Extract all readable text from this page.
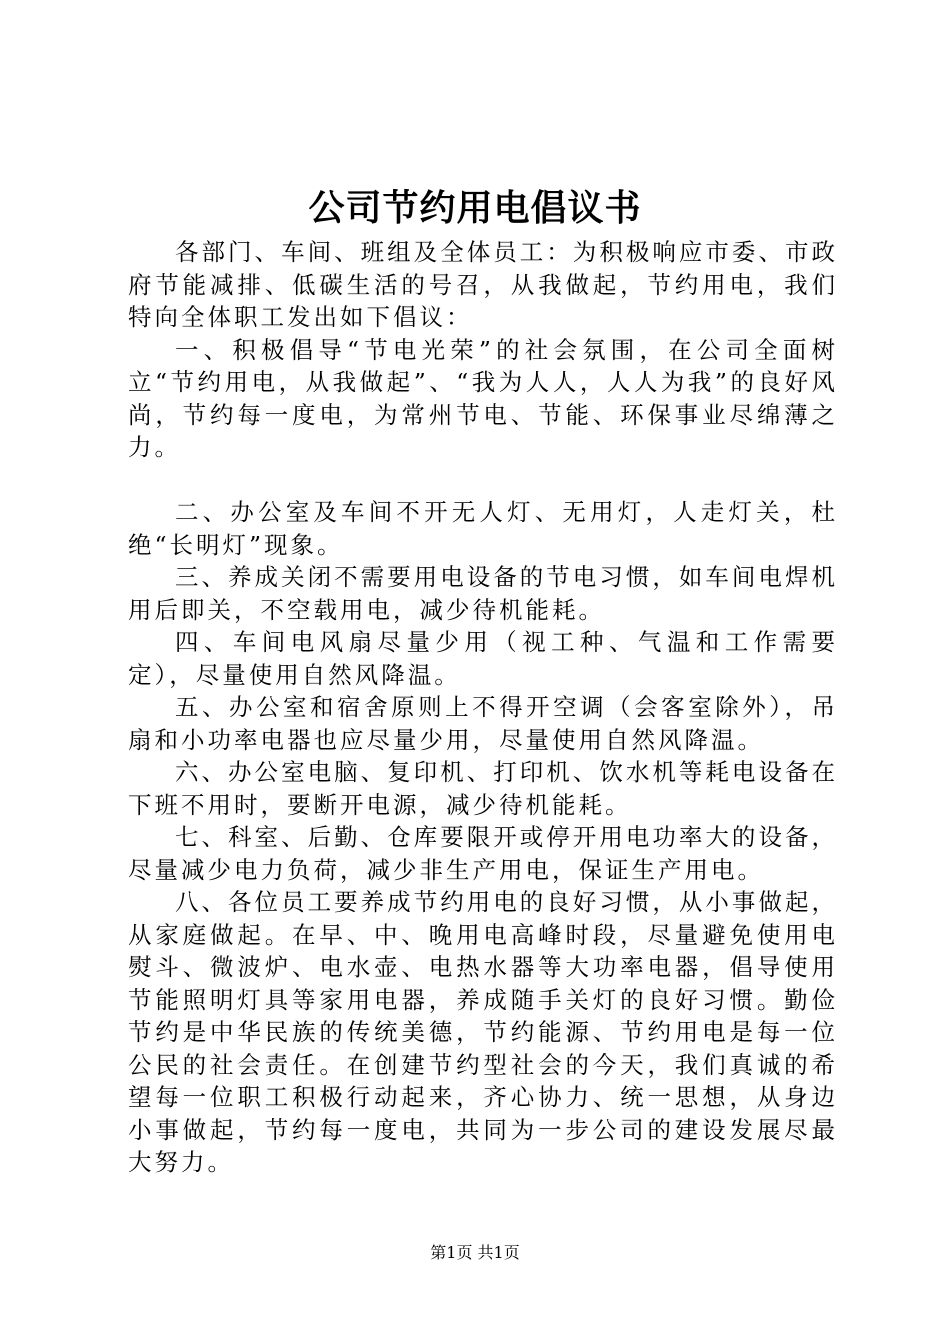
公司节约用电倡议书

各部门、车间、班组及全体员工：为积极响应市委、市政府节能减排、低碳生活的号召，从我做起，节约用电，我们特向全体职工发出如下倡议：

一、积极倡导“节电光荣”的社会氛围，在公司全面树立“节约用电，从我做起”、“我为人人，人人为我”的良好风尚，节约每一度电，为常州节电、节能、环保事业尽绵薄之力。

二、办公室及车间不开无人灯、无用灯，人走灯关，杜绝“长明灯”现象。

三、养成关闭不需要用电设备的节电习惯，如车间电焊机用后即关，不空载用电，减少待机能耗。

四、车间电风扇尽量少用（视工种、气温和工作需要定），尽量使用自然风降温。

五、办公室和宿舍原则上不得开空调（会客室除外），吊扇和小功率电器也应尽量少用，尽量使用自然风降温。

六、办公室电脑、复印机、打印机、饮水机等耗电设备在下班不用时，要断开电源，减少待机能耗。

七、科室、后勤、仓库要限开或停开用电功率大的设备，尽量减少电力负荷，减少非生产用电，保证生产用电。

八、各位员工要养成节约用电的良好习惯，从小事做起，从家庭做起。在早、中、晚用电高峰时段，尽量避免使用电熨斗、微波炉、电水壶、电热水器等大功率电器，倡导使用节能照明灯具等家用电器，养成随手关灯的良好习惯。勤俭节约是中华民族的传统美德，节约能源、节约用电是每一位公民的社会责任。在创建节约型社会的今天，我们真诚的希望每一位职工积极行动起来，齐心协力、统一思想，从身边小事做起，节约每一度电，共同为一步公司的建设发展尽最大努力。

第1页 共1页
